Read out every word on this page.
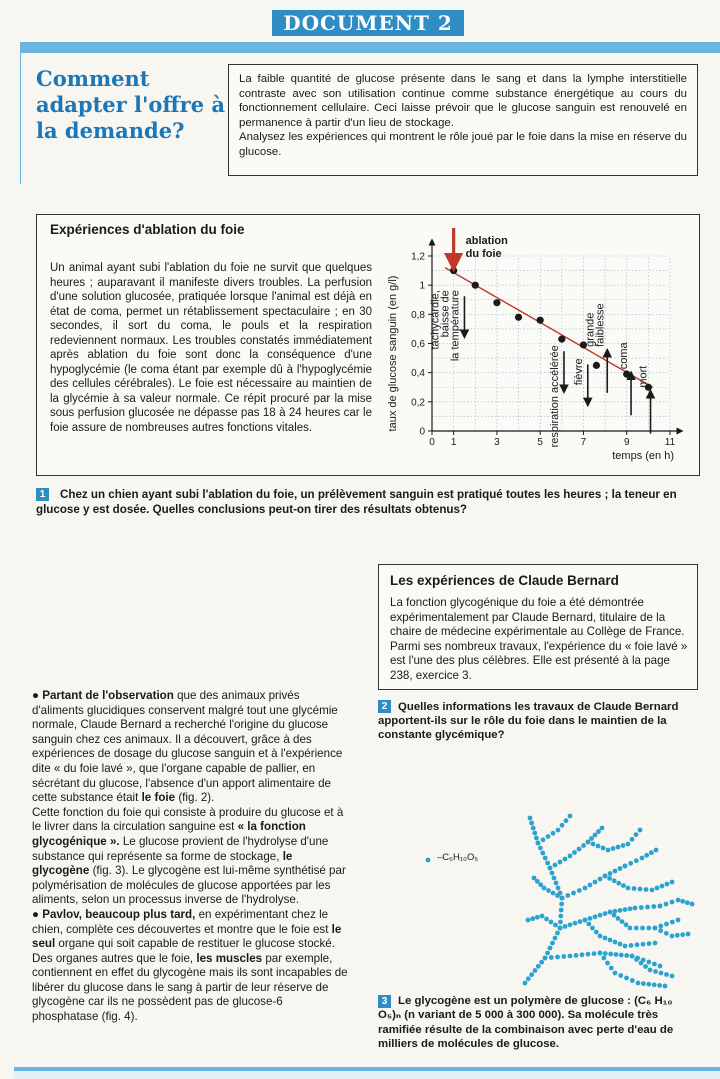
DOCUMENT 2
Comment adapter l'offre à la demande?

La faible quantité de glucose présente dans le sang et dans la lymphe interstitielle contraste avec son utilisation continue comme substance énergétique au cours du fonctionnement cellulaire. Ceci laisse prévoir que le glucose sanguin est renouvelé en permanence à partir d'un lieu de stockage.

Analysez les expériences qui montrent le rôle joué par le foie dans la mise en réserve du glucose.

Expériences d'ablation du foie
Un animal ayant subi l'ablation du foie ne survit que quelques heures ; auparavant il manifeste divers troubles. La perfusion d'une solution glucosée, pratiquée lorsque l'animal est déjà en état de coma, permet un rétablissement spectaculaire ; en 30 secondes, il sort du coma, le pouls et la respiration redeviennent normaux. Les troubles constatés immédiatement après ablation du foie sont donc la conséquence d'une hypoglycémie (le coma étant par exemple dû à l'hypoglycémie des cellules cérébrales). Le foie est nécessaire au maintien de la glycémie à sa valeur normale. Ce répit procuré par la mise sous perfusion glucosée ne dépasse pas 18 à 24 heures car le foie assure de nombreuses autres fonctions vitales.
0 1	3	5	7	9	11
0
0,2
0,4
0,6
0,8
1
1,2
temps (en h)
taux de glucose sanguin (en g/l)
ablation
du foie
tachycardie,
baisse de
la température
respiration accélérée fièvre
grande
faiblesse
coma
mort
Chez un chien ayant subi l'ablation du foie, un prélèvement sanguin est pratiqué toutes les heures ; la teneur en glucose y est dosée. Quelles conclusions peut-on tirer des résultats obtenus?
1
Les expériences de Claude Bernard
La fonction glycogénique du foie a été démontrée expérimentalement par Claude Bernard, titulaire de la chaire de médecine expérimentale au Collège de France. Parmi ses nombreux travaux, l'expérience du « foie lavé » est l'une des plus célèbres. Elle est présenté à la page 238, exercice 3.
Quelles informations les travaux de Claude Bernard apportent-ils sur le rôle du foie dans le maintien de la constante glycémique?
2

● Partant de l'observation que des animaux privés d'aliments glucidiques conservent malgré tout une glycémie normale, Claude Bernard a recherché l'origine du glucose sanguin chez ces animaux. Il a découvert, grâce à des expériences de dosage du glucose sanguin et à l'expérience dite « du foie lavé », que l'organe capable de pallier, en sécrétant du glucose, l'absence d'un apport alimentaire de cette substance était le foie (fig. 2).

Cette fonction du foie qui consiste à produire du glucose et à le livrer dans la circulation sanguine est « la fonction glycogénique ». Le glucose provient de l'hydrolyse d'une substance qui représente sa forme de stockage, le glycogène (fig. 3). Le glycogène est lui-même synthétisé par polymérisation de molécules de glucose apportées par les aliments, selon un processus inverse de l'hydrolyse.

● Pavlov, beaucoup plus tard, en expérimentant chez le chien, complète ces découvertes et montre que le foie est le seul organe qui soit capable de restituer le glucose stocké. Des organes autres que le foie, les muscles par exemple, contiennent en effet du glycogène mais ils sont incapables de libérer du glucose dans le sang à partir de leur réserve de glycogène car ils ne possèdent pas de glucose-6 phosphatase (fig. 4).

–C₆H₁₀O₅
Le glycogène est un polymère de glucose : (C₆ H₁₀ O₅)ₙ (n variant de 5 000 à 300 000). Sa molécule très ramifiée résulte de la combinaison avec perte d'eau de milliers de molécules de glucose.
3
